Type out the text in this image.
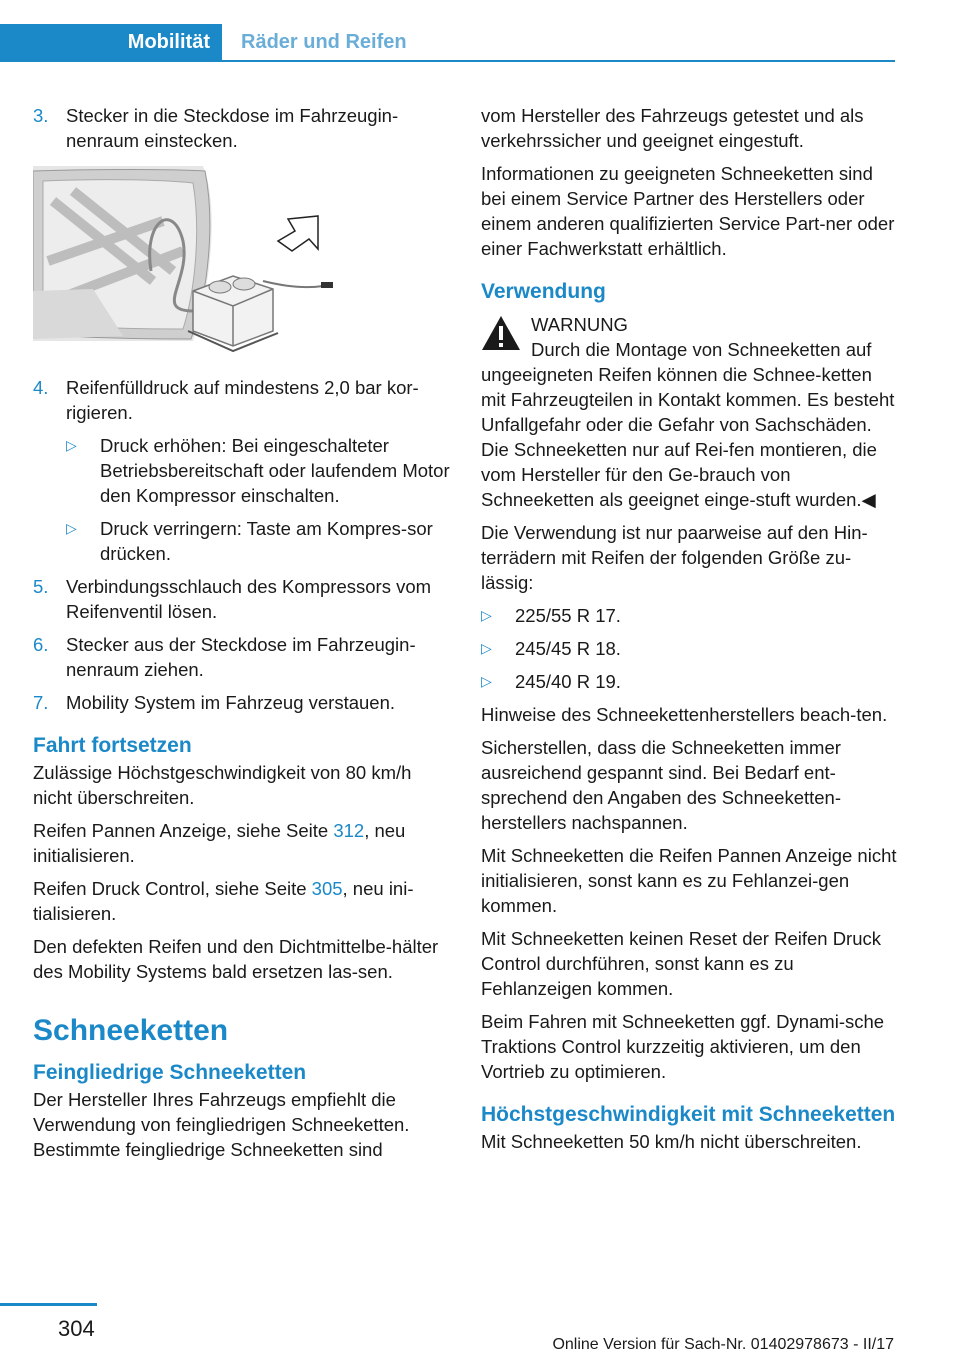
Mobilität Räder und Reifen
3. Stecker in die Steckdose im Fahrzeugin‐nenraum einstecken.
4. Reifenfülldruck auf mindestens 2,0 bar kor‐rigieren.
▷	Druck erhöhen: Bei eingeschalteter Betriebsbereitschaft oder laufendem Motor den Kompressor einschalten.
▷	Druck verringern: Taste am Kompres‐sor drücken.
5. Verbindungsschlauch des Kompressors vom Reifenventil lösen.
6. Stecker aus der Steckdose im Fahrzeugin‐nenraum ziehen.
7. Mobility System im Fahrzeug verstauen.
Fahrt fortsetzen

Zulässige Höchstgeschwindigkeit von 80 km/h nicht überschreiten.

Reifen Pannen Anzeige, siehe Seite 312, neu initialisieren.

Reifen Druck Control, siehe Seite 305, neu ini‐tialisieren.

Den defekten Reifen und den Dichtmittelbe‐hälter des Mobility Systems bald ersetzen las‐sen.

Schneeketten
Feingliedrige Schneeketten

Der Hersteller Ihres Fahrzeugs empfiehlt die Verwendung von feingliedrigen Schneeketten. Bestimmte feingliedrige Schneeketten sind

vom Hersteller des Fahrzeugs getestet und als verkehrssicher und geeignet eingestuft.

Informationen zu geeigneten Schneeketten sind bei einem Service Partner des Herstellers oder einem anderen qualifizierten Service Part‐ner oder einer Fachwerkstatt erhältlich.

Verwendung
WARNUNG

Durch die Montage von Schneeketten auf ungeeigneten Reifen können die Schnee‐ketten mit Fahrzeugteilen in Kontakt kommen. Es besteht Unfallgefahr oder die Gefahr von Sachschäden. Die Schneeketten nur auf Rei‐fen montieren, die vom Hersteller für den Ge‐brauch von Schneeketten als geeignet einge‐stuft wurden.◀

Die Verwendung ist nur paarweise auf den Hin‐terrädern mit Reifen der folgenden Größe zu‐lässig:

▷	225/55 R 17.
▷	245/45 R 18.
▷	245/40 R 19.

Hinweise des Schneekettenherstellers beach‐ten.

Sicherstellen, dass die Schneeketten immer ausreichend gespannt sind. Bei Bedarf ent‐sprechend den Angaben des Schneeketten‐herstellers nachspannen.

Mit Schneeketten die Reifen Pannen Anzeige nicht initialisieren, sonst kann es zu Fehlanzei‐gen kommen.

Mit Schneeketten keinen Reset der Reifen Druck Control durchführen, sonst kann es zu Fehlanzeigen kommen.

Beim Fahren mit Schneeketten ggf. Dynami‐sche Traktions Control kurzzeitig aktivieren, um den Vortrieb zu optimieren.

Höchstgeschwindigkeit mit Schneeketten

Mit Schneeketten 50 km/h nicht überschreiten.

304
Online Version für Sach-Nr. 01402978673 - II/17
